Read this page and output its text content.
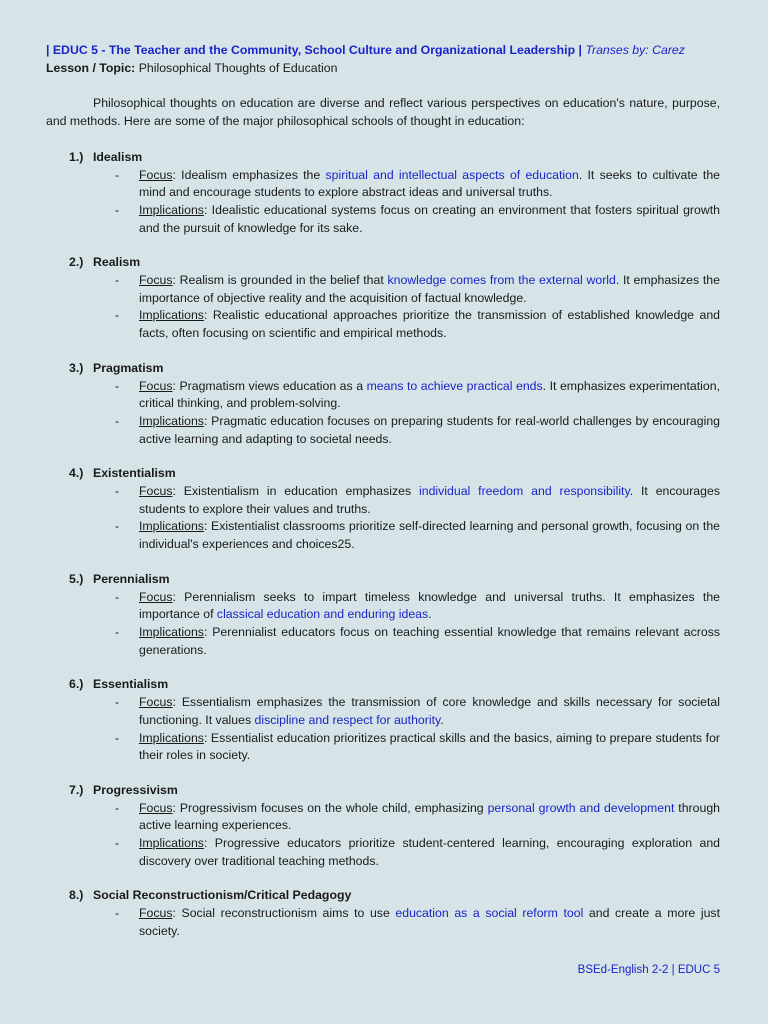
| EDUC 5 - The Teacher and the Community, School Culture and Organizational Leadership | Transes by: Carez
Lesson / Topic: Philosophical Thoughts of Education
Philosophical thoughts on education are diverse and reflect various perspectives on education's nature, purpose, and methods. Here are some of the major philosophical schools of thought in education:
1.) Idealism
-	Focus: Idealism emphasizes the spiritual and intellectual aspects of education. It seeks to cultivate the mind and encourage students to explore abstract ideas and universal truths.
-	Implications: Idealistic educational systems focus on creating an environment that fosters spiritual growth and the pursuit of knowledge for its sake.
2.) Realism
-	Focus: Realism is grounded in the belief that knowledge comes from the external world. It emphasizes the importance of objective reality and the acquisition of factual knowledge.
-	Implications: Realistic educational approaches prioritize the transmission of established knowledge and facts, often focusing on scientific and empirical methods.
3.) Pragmatism
-	Focus: Pragmatism views education as a means to achieve practical ends. It emphasizes experimentation, critical thinking, and problem-solving.
-	Implications: Pragmatic education focuses on preparing students for real-world challenges by encouraging active learning and adapting to societal needs.
4.) Existentialism
-	Focus: Existentialism in education emphasizes individual freedom and responsibility. It encourages students to explore their values and truths.
-	Implications: Existentialist classrooms prioritize self-directed learning and personal growth, focusing on the individual's experiences and choices25.
5.) Perennialism
-	Focus: Perennialism seeks to impart timeless knowledge and universal truths. It emphasizes the importance of classical education and enduring ideas.
-	Implications: Perennialist educators focus on teaching essential knowledge that remains relevant across generations.
6.) Essentialism
-	Focus: Essentialism emphasizes the transmission of core knowledge and skills necessary for societal functioning. It values discipline and respect for authority.
-	Implications: Essentialist education prioritizes practical skills and the basics, aiming to prepare students for their roles in society.
7.) Progressivism
-	Focus: Progressivism focuses on the whole child, emphasizing personal growth and development through active learning experiences.
-	Implications: Progressive educators prioritize student-centered learning, encouraging exploration and discovery over traditional teaching methods.
8.) Social Reconstructionism/Critical Pedagogy
-	Focus: Social reconstructionism aims to use education as a social reform tool and create a more just society.
BSEd-English 2-2 | EDUC 5
